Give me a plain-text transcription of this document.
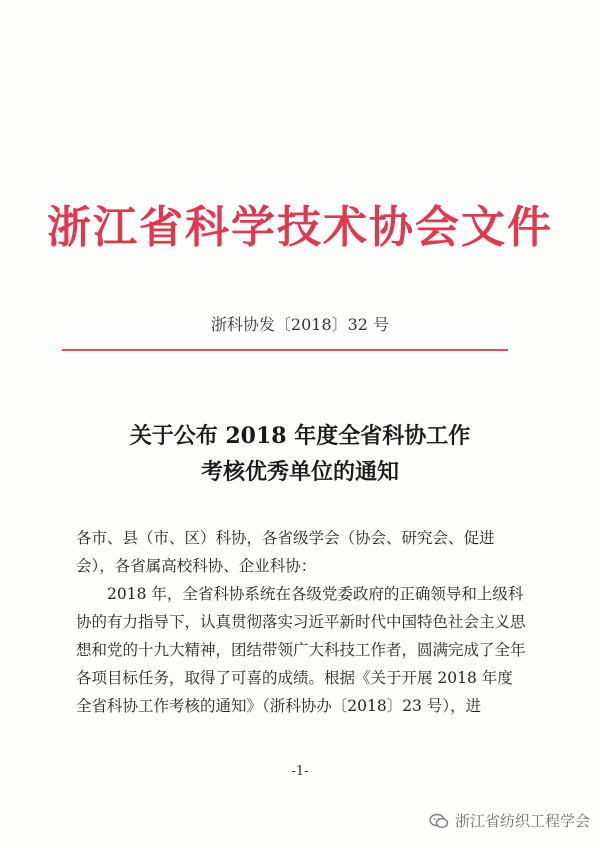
浙江省科学技术协会文件
浙科协发〔2018〕32 号
关于公布 2018 年度全省科协工作
考核优秀单位的通知

各市、县（市、区）科协，各省级学会（协会、研究会、促进会），各省属高校科协、企业科协：

2018 年，全省科协系统在各级党委政府的正确领导和上级科协的有力指导下，认真贯彻落实习近平新时代中国特色社会主义思想和党的十九大精神，团结带领广大科技工作者，圆满完成了全年各项目标任务，取得了可喜的成绩。根据《关于开展 2018 年度全省科协工作考核的通知》（浙科协办〔2018〕23 号），进

-1-
浙江省纺织工程学会
